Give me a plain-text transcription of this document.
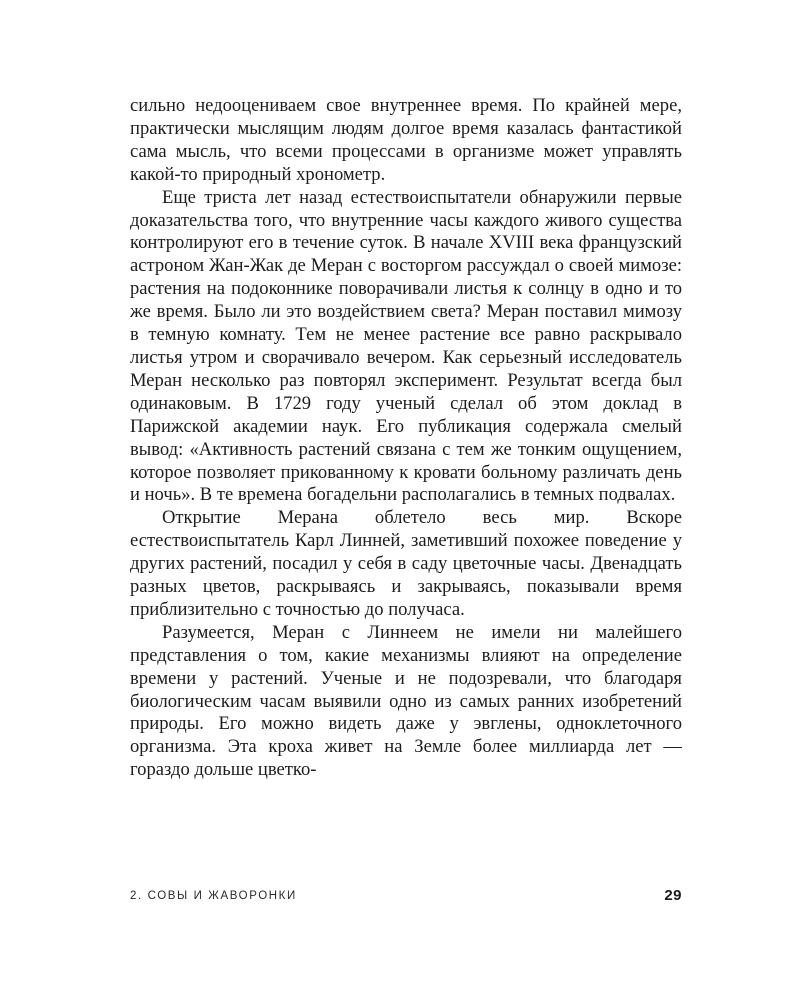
сильно недооцениваем свое внутреннее время. По крайней мере, практически мыслящим людям долгое время казалась фантастикой сама мысль, что всеми процессами в организме может управлять какой-то природный хронометр.

Еще триста лет назад естествоиспытатели обнаружили первые доказательства того, что внутренние часы каждого живого существа контролируют его в течение суток. В начале XVIII века французский астроном Жан-Жак де Меран с восторгом рассуждал о своей мимозе: растения на подоконнике поворачивали листья к солнцу в одно и то же время. Было ли это воздействием света? Меран поставил мимозу в темную комнату. Тем не менее растение все равно раскрывало листья утром и сворачивало вечером. Как серьезный исследователь Меран несколько раз повторял эксперимент. Результат всегда был одинаковым. В 1729 году ученый сделал об этом доклад в Парижской академии наук. Его публикация содержала смелый вывод: «Активность растений связана с тем же тонким ощущением, которое позволяет прикованному к кровати больному различать день и ночь». В те времена богадельни располагались в темных подвалах.

Открытие Мерана облетело весь мир. Вскоре естествоиспытатель Карл Линней, заметивший похожее поведение у других растений, посадил у себя в саду цветочные часы. Двенадцать разных цветов, раскрываясь и закрываясь, показывали время приблизительно с точностью до получаса.

Разумеется, Меран с Линнеем не имели ни малейшего представления о том, какие механизмы влияют на определение времени у растений. Ученые и не подозревали, что благодаря биологическим часам выявили одно из самых ранних изобретений природы. Его можно видеть даже у эвглены, одноклеточного организма. Эта кроха живет на Земле более миллиарда лет — гораздо дольше цветко-

2. СОВЫ И ЖАВОРОНКИ	29
